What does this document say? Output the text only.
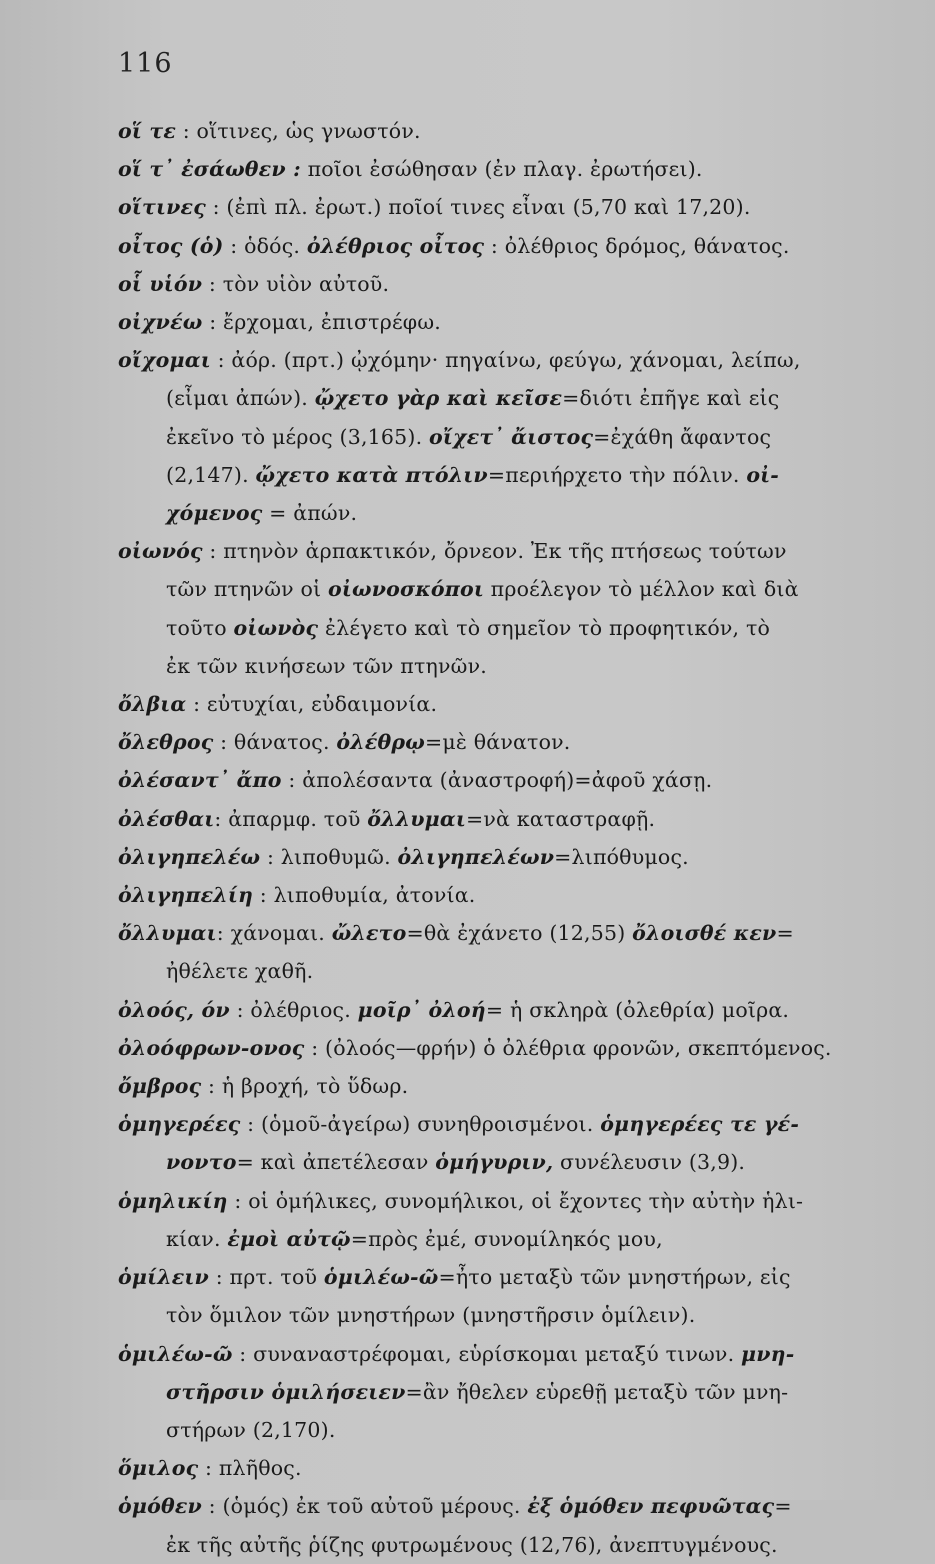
116
οἵ τε : οἵτινες, ὡς γνωστόν.
οἵ τ᾿ ἐσάωθεν : ποῖοι ἐσώθησαν (ἐν πλαγ. ἐρωτήσει).
οἵτινες : (ἐπὶ πλ. ἐρωτ.) ποῖοί τινες εἶναι (5,70 καὶ 17,20).
οἶτος (ὁ) : ὁδός. ὀλέθριος οἶτος : ὀλέθριος δρόμος, θάνατος.
οἷ υἱόν : τὸν υἱὸν αὐτοῦ.
οἰχνέω : ἔρχομαι, ἐπιστρέφω.
οἴχομαι : ἀόρ. (πρτ.) ᾠχόμην· πηγαίνω, φεύγω, χάνομαι, λείπω,
(εἶμαι ἀπών). ᾤχετο γὰρ καὶ κεῖσε=διότι ἐπῆγε καὶ εἰς
ἐκεῖνο τὸ μέρος (3,165). οἴχετ᾿ ἄιστος=ἐχάθη ἄφαντος
(2,147). ᾤχετο κατὰ πτόλιν=περιήρχετο τὴν πόλιν. οἰ-
χόμενος = ἀπών.
οἰωνός : πτηνὸν ἁρπακτικόν, ὄρνεον. Ἐκ τῆς πτήσεως τούτων
τῶν πτηνῶν οἱ οἰωνοσκόποι προέλεγον τὸ μέλλον καὶ διὰ
τοῦτο οἰωνὸς ἐλέγετο καὶ τὸ σημεῖον τὸ προφητικόν, τὸ
ἐκ τῶν κινήσεων τῶν πτηνῶν.
ὄλβια : εὐτυχίαι, εὐδαιμονία.
ὄλεθρος : θάνατος. ὀλέθρῳ=μὲ θάνατον.
ὀλέσαντ᾿ ἄπο : ἀπολέσαντα (ἀναστροφή)=ἀφοῦ χάσῃ.
ὀλέσθαι: ἀπαρμφ. τοῦ ὄλλυμαι=νὰ καταστραφῇ.
ὀλιγηπελέω : λιποθυμῶ. ὀλιγηπελέων=λιπόθυμος.
ὀλιγηπελίη : λιποθυμία, ἀτονία.
ὄλλυμαι: χάνομαι. ὤλετο=θὰ ἐχάνετο (12,55) ὄλοισθέ κεν=
ἠθέλετε χαθῆ.
ὀλοός, όν : ὀλέθριος. μοῖρ᾿ ὀλοή= ἡ σκληρὰ (ὀλεθρία) μοῖρα.
ὀλοόφρων-ονος : (ὀλοός—φρήν) ὁ ὀλέθρια φρονῶν, σκεπτόμενος.
ὄμβρος : ἡ βροχή, τὸ ὕδωρ.
ὁμηγερέες : (ὁμοῦ-ἀγείρω) συνηθροισμένοι. ὁμηγερέες τε γέ-
νοντο= καὶ ἀπετέλεσαν ὁμήγυριν, συνέλευσιν (3,9).
ὁμηλικίη : οἱ ὁμήλικες, συνομήλικοι, οἱ ἔχοντες τὴν αὐτὴν ἡλι-
κίαν. ἐμοὶ αὐτῷ=πρὸς ἐμέ, συνομίληκός μου,
ὁμίλειν : πρτ. τοῦ ὁμιλέω-ῶ=ἦτο μεταξὺ τῶν μνηστήρων, εἰς
τὸν ὅμιλον τῶν μνηστήρων (μνηστῆρσιν ὁμίλειν).
ὁμιλέω-ῶ : συναναστρέφομαι, εὑρίσκομαι μεταξύ τινων. μνη-
στῆρσιν ὁμιλήσειεν=ἂν ἤθελεν εὑρεθῇ μεταξὺ τῶν μνη-
στήρων (2,170).
ὅμιλος : πλῆθος.
ὁμόθεν : (ὁμός) ἐκ τοῦ αὐτοῦ μέρους. ἐξ ὁμόθεν πεφυῶτας=
ἐκ τῆς αὐτῆς ῥίζης φυτρωμένους (12,76), ἀνεπτυγμένους.
